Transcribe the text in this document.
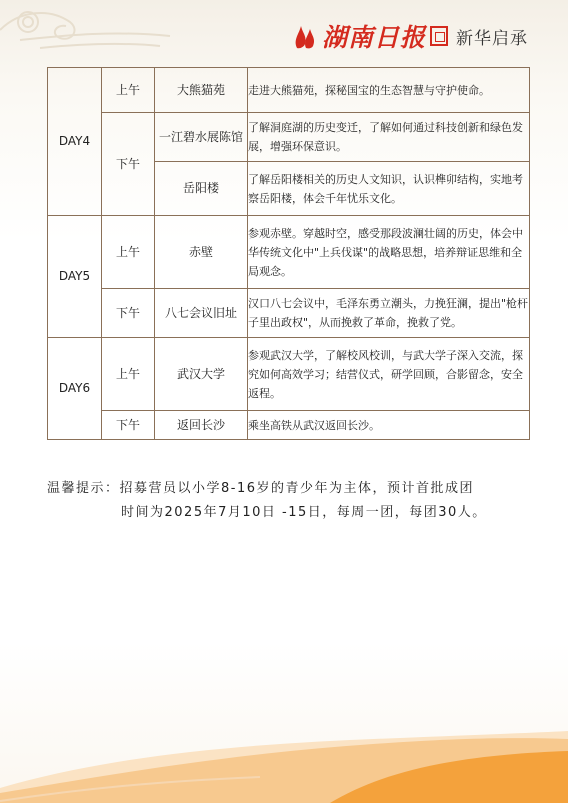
湖南日报 新华启承
DAY4	上午	大熊猫苑	走进大熊猫苑，探秘国宝的生态智慧与守护使命。
	下午	一江碧水展陈馆	了解洞庭湖的历史变迁，了解如何通过科技创新和绿色发展，增强环保意识。
		岳阳楼	了解岳阳楼相关的历史人文知识，认识榫卯结构，实地考察岳阳楼，体会千年忧乐文化。
DAY5	上午	赤壁	参观赤壁。穿越时空，感受那段波澜壮阔的历史，体会中华传统文化中"上兵伐谋"的战略思想，培养辩证思维和全局观念。
	下午	八七会议旧址	汉口八七会议中，毛泽东勇立潮头，力挽狂澜，提出"枪杆子里出政权"，从而挽救了革命，挽救了党。
DAY6	上午	武汉大学	参观武汉大学，了解校风校训，与武大学子深入交流，探究如何高效学习；结营仪式，研学回顾，合影留念，安全返程。
	下午	返回长沙	乘坐高铁从武汉返回长沙。
温馨提示：招募营员以小学8-16岁的青少年为主体，预计首批成团
时间为2025年7月10日 -15日，每周一团，每团30人。
